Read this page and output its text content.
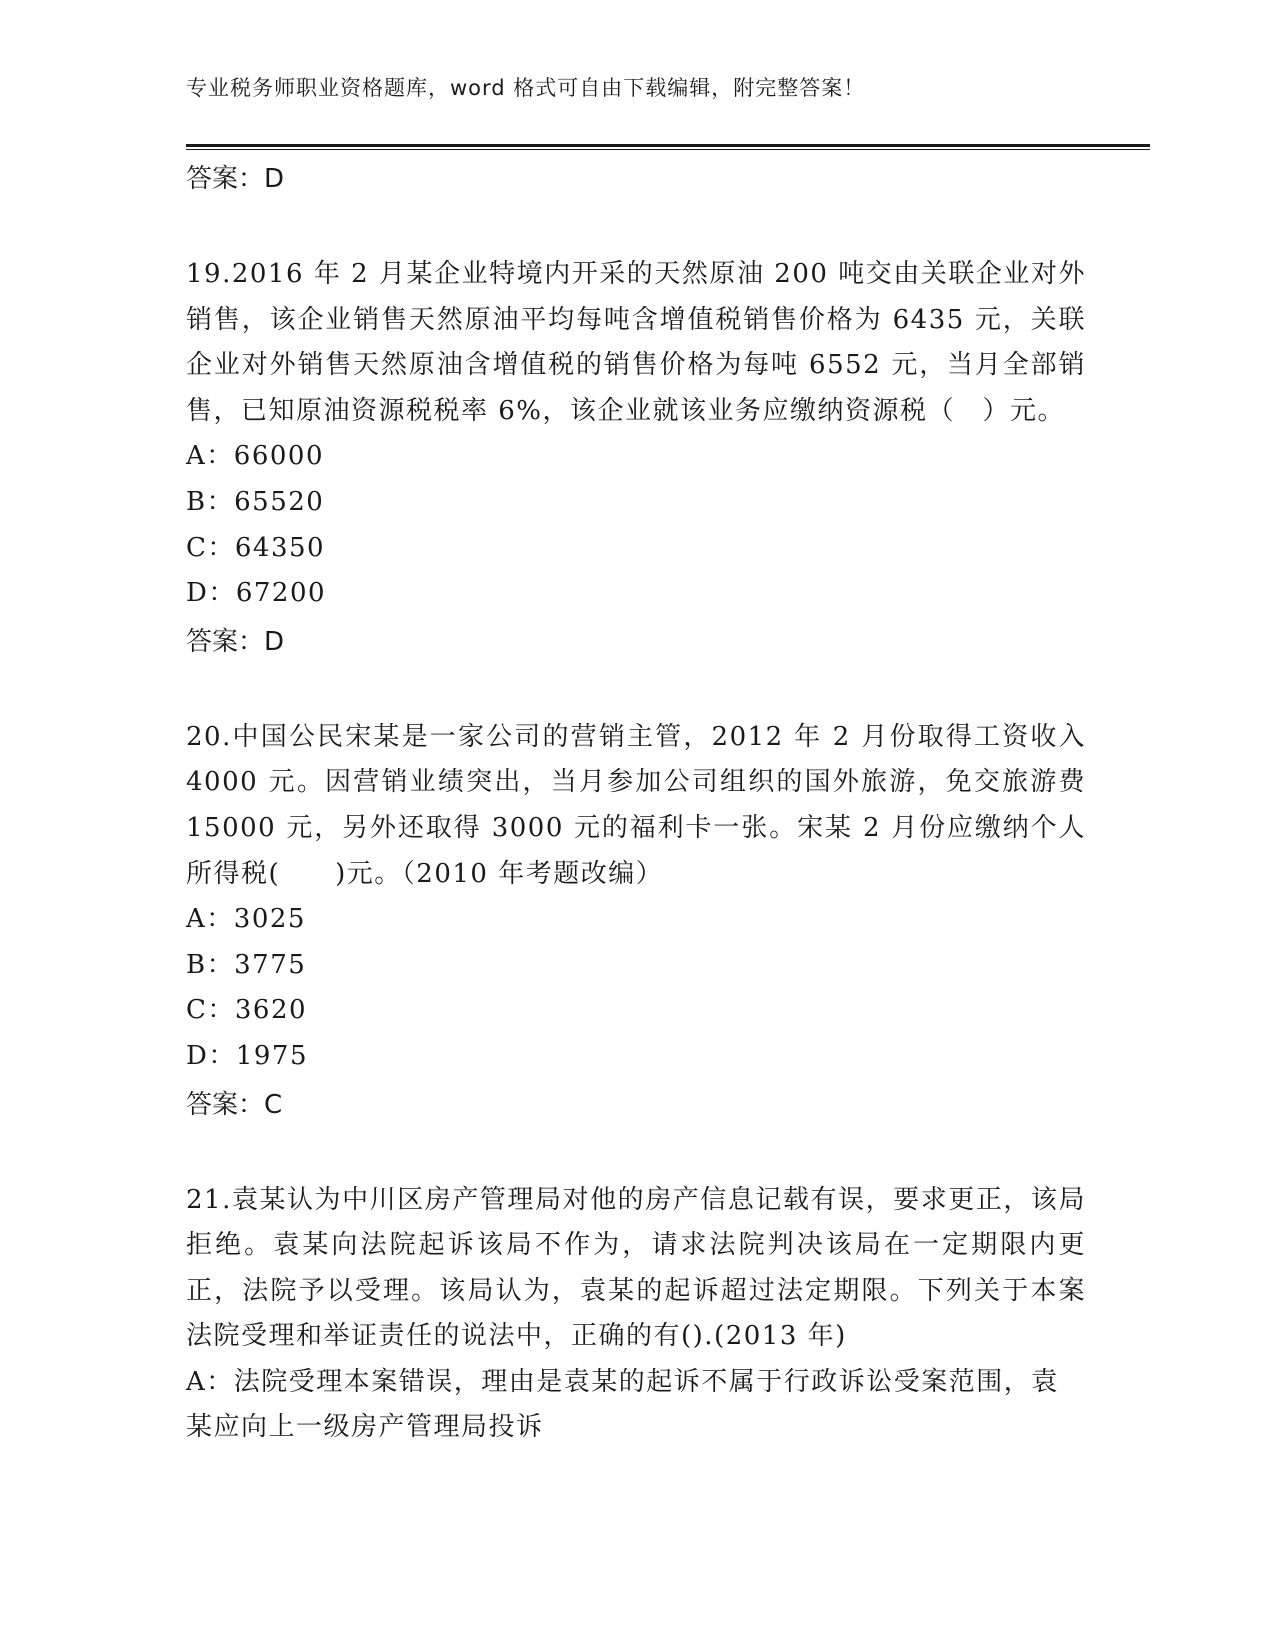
专业税务师职业资格题库，word 格式可自由下载编辑，附完整答案！
答案：D

19.2016 年 2 月某企业特境内开采的天然原油 200 吨交由关联企业对外销售，该企业销售天然原油平均每吨含增值税销售价格为 6435 元，关联企业对外销售天然原油含增值税的销售价格为每吨 6552 元，当月全部销售，已知原油资源税税率 6%，该企业就该业务应缴纳资源税（　）元。

A：66000

B：65520

C：64350

D：67200

答案：D

20.中国公民宋某是一家公司的营销主管，2012 年 2 月份取得工资收入 4000 元。因营销业绩突出，当月参加公司组织的国外旅游，免交旅游费 15000 元，另外还取得 3000 元的福利卡一张。宋某 2 月份应缴纳个人所得税(　　)元。（2010 年考题改编）

A：3025

B：3775

C：3620

D：1975

答案：C

21.袁某认为中川区房产管理局对他的房产信息记载有误，要求更正，该局拒绝。袁某向法院起诉该局不作为，请求法院判决该局在一定期限内更正，法院予以受理。该局认为，袁某的起诉超过法定期限。下列关于本案法院受理和举证责任的说法中，正确的有().(2013 年)

A：法院受理本案错误，理由是袁某的起诉不属于行政诉讼受案范围，袁某应向上一级房产管理局投诉
